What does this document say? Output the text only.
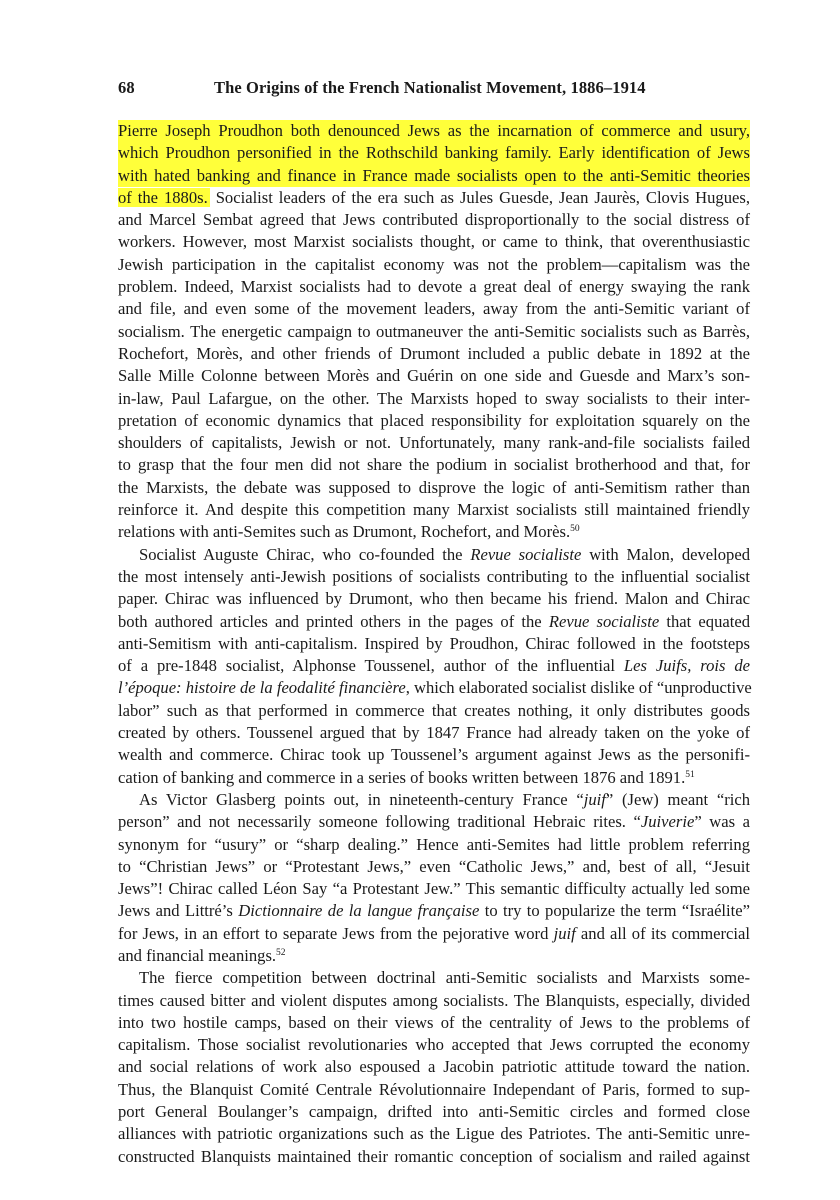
68	The Origins of the French Nationalist Movement, 1886–1914
Pierre Joseph Proudhon both denounced Jews as the incarnation of commerce and usury,
which Proudhon personified in the Rothschild banking family. Early identification of Jews
with hated banking and finance in France made socialists open to the anti-Semitic theories
of the 1880s. Socialist leaders of the era such as Jules Guesde, Jean Jaurès, Clovis Hugues,
and Marcel Sembat agreed that Jews contributed disproportionally to the social distress of
workers. However, most Marxist socialists thought, or came to think, that overenthusiastic
Jewish participation in the capitalist economy was not the problem—capitalism was the
problem. Indeed, Marxist socialists had to devote a great deal of energy swaying the rank
and file, and even some of the movement leaders, away from the anti-Semitic variant of
socialism. The energetic campaign to outmaneuver the anti-Semitic socialists such as Barrès,
Rochefort, Morès, and other friends of Drumont included a public debate in 1892 at the
Salle Mille Colonne between Morès and Guérin on one side and Guesde and Marx’s son-
in-law, Paul Lafargue, on the other. The Marxists hoped to sway socialists to their inter-
pretation of economic dynamics that placed responsibility for exploitation squarely on the
shoulders of capitalists, Jewish or not. Unfortunately, many rank-and-file socialists failed
to grasp that the four men did not share the podium in socialist brotherhood and that, for
the Marxists, the debate was supposed to disprove the logic of anti-Semitism rather than
reinforce it. And despite this competition many Marxist socialists still maintained friendly
relations with anti-Semites such as Drumont, Rochefort, and Morès.$^{50}$
Socialist Auguste Chirac, who co-founded the Revue socialiste with Malon, developed
the most intensely anti-Jewish positions of socialists contributing to the influential socialist
paper. Chirac was influenced by Drumont, who then became his friend. Malon and Chirac
both authored articles and printed others in the pages of the Revue socialiste that equated
anti-Semitism with anti-capitalism. Inspired by Proudhon, Chirac followed in the footsteps
of a pre-1848 socialist, Alphonse Toussenel, author of the influential Les Juifs, rois de
l’époque: histoire de la feodalité financière, which elaborated socialist dislike of “unproductive
labor” such as that performed in commerce that creates nothing, it only distributes goods
created by others. Toussenel argued that by 1847 France had already taken on the yoke of
wealth and commerce. Chirac took up Toussenel’s argument against Jews as the personifi-
cation of banking and commerce in a series of books written between 1876 and 1891.51
As Victor Glasberg points out, in nineteenth-century France “juif” (Jew) meant “rich
person” and not necessarily someone following traditional Hebraic rites. “Juiverie” was a
synonym for “usury” or “sharp dealing.” Hence anti-Semites had little problem referring
to “Christian Jews” or “Protestant Jews,” even “Catholic Jews,” and, best of all, “Jesuit
Jews”! Chirac called Léon Say “a Protestant Jew.” This semantic difficulty actually led some
Jews and Littré’s Dictionnaire de la langue française to try to popularize the term “Israélite”
for Jews, in an effort to separate Jews from the pejorative word juif and all of its commercial
and financial meanings.$^{52}$
The fierce competition between doctrinal anti-Semitic socialists and Marxists some-
times caused bitter and violent disputes among socialists. The Blanquists, especially, divided
into two hostile camps, based on their views of the centrality of Jews to the problems of
capitalism. Those socialist revolutionaries who accepted that Jews corrupted the economy
and social relations of work also espoused a Jacobin patriotic attitude toward the nation.
Thus, the Blanquist Comité Centrale Révolutionnaire Independant of Paris, formed to sup-
port General Boulanger’s campaign, drifted into anti-Semitic circles and formed close
alliances with patriotic organizations such as the Ligue des Patriotes. The anti-Semitic unre-
constructed Blanquists maintained their romantic conception of socialism and railed against
